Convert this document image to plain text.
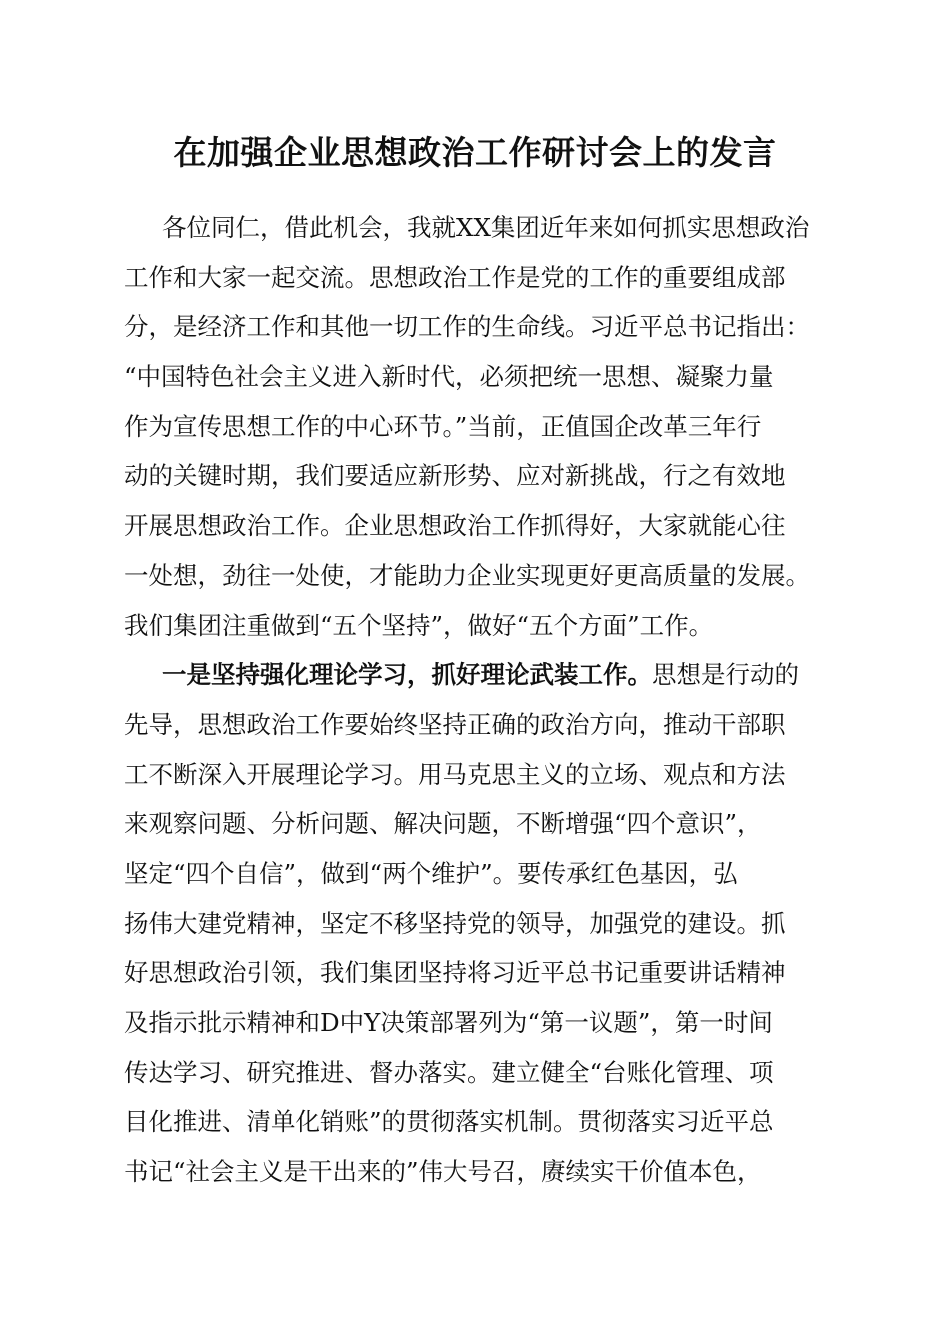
在加强企业思想政治工作研讨会上的发言
各位同仁，借此机会，我就XX集团近年来如何抓实思想政治
工作和大家一起交流。思想政治工作是党的工作的重要组成部
分，是经济工作和其他一切工作的生命线。习近平总书记指出：
“中国特色社会主义进入新时代，必须把统一思想、凝聚力量
作为宣传思想工作的中心环节。”当前，正值国企改革三年行
动的关键时期，我们要适应新形势、应对新挑战，行之有效地
开展思想政治工作。企业思想政治工作抓得好，大家就能心往
一处想，劲往一处使，才能助力企业实现更好更高质量的发展。
我们集团注重做到“五个坚持”，做好“五个方面”工作。
一是坚持强化理论学习，抓好理论武装工作。思想是行动的
先导，思想政治工作要始终坚持正确的政治方向，推动干部职
工不断深入开展理论学习。用马克思主义的立场、观点和方法
来观察问题、分析问题、解决问题，不断增强“四个意识”，
坚定“四个自信”，做到“两个维护”。要传承红色基因，弘
扬伟大建党精神，坚定不移坚持党的领导，加强党的建设。抓
好思想政治引领，我们集团坚持将习近平总书记重要讲话精神
及指示批示精神和D中Y决策部署列为“第一议题”，第一时间
传达学习、研究推进、督办落实。建立健全“台账化管理、项
目化推进、清单化销账”的贯彻落实机制。贯彻落实习近平总
书记“社会主义是干出来的”伟大号召，赓续实干价值本色，
